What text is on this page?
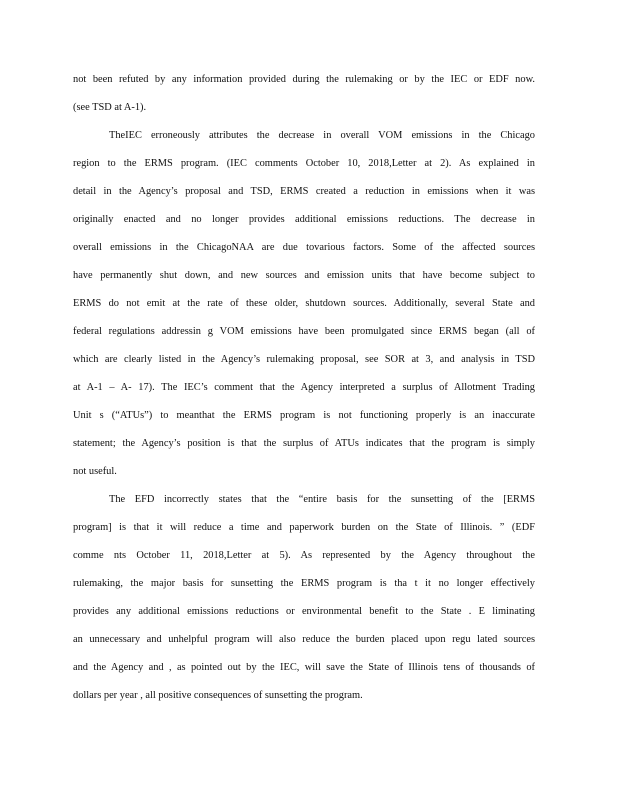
not been refuted by any information provided during the rulemaking or by the IEC or EDF now.
(see TSD at A-1).
TheIEC erroneously attributes the decrease in overall VOM emissions in the Chicago
region to the ERMS program. (IEC comments October 10, 2018,Letter at 2). As explained in
detail in the Agency’s proposal and TSD, ERMS created a reduction in emissions when it was
originally enacted and no longer provides additional emissions reductions. The decrease in
overall emissions in the ChicagoNAA are due tovarious factors. Some of the affected sources
have permanently shut down, and new sources and emission units that have become subject to
ERMS do not emit at the rate of these older, shutdown sources. Additionally, several State and
federal regulations addressin g VOM emissions have been promulgated since ERMS began (all of
which are clearly listed in the Agency’s rulemaking proposal, see SOR at 3, and analysis in TSD
at A-1 – A- 17). The IEC’s comment that the Agency interpreted a surplus of Allotment Trading
Unit s (“ATUs”) to meanthat the ERMS program is not functioning properly is an inaccurate
statement; the Agency’s position is that the surplus of ATUs indicates that the program is simply
not useful.
The EFD incorrectly states that the “entire basis for the sunsetting of the [ERMS
program] is that it will reduce a time and paperwork burden on the State of Illinois. ” (EDF
comme nts October 11, 2018,Letter at 5). As represented by the Agency throughout the
rulemaking, the major basis for sunsetting the ERMS program is tha t it no longer effectively
provides any additional emissions reductions or environmental benefit to the State . E liminating
an unnecessary and unhelpful program will also reduce the burden placed upon regu lated sources
and the Agency and , as pointed out by the IEC, will save the State of Illinois tens of thousands of
dollars per year , all positive consequences of sunsetting the program.
